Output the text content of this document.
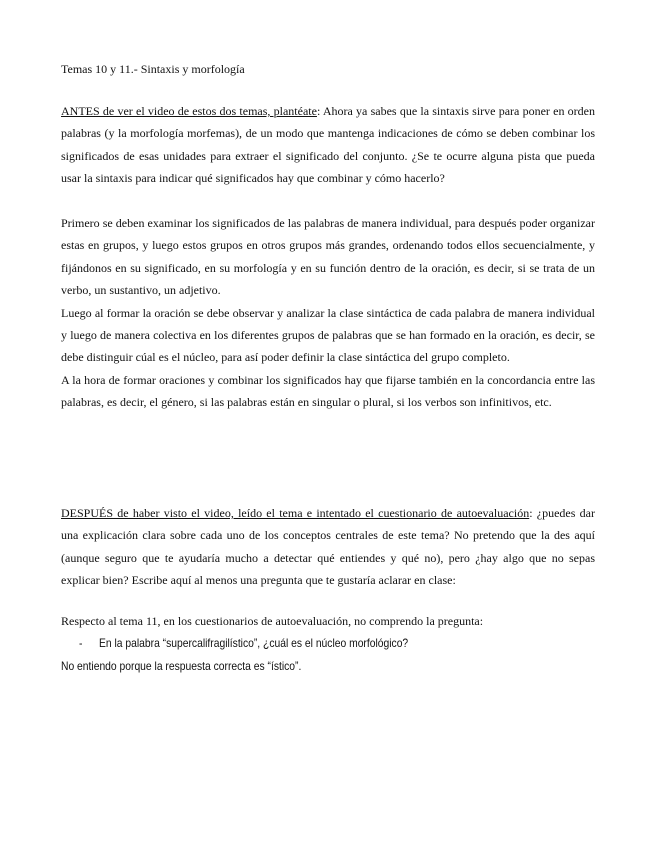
Temas 10 y 11.- Sintaxis y morfología

ANTES de ver el video de estos dos temas, plantéate: Ahora ya sabes que la sintaxis sirve para poner en orden palabras (y la morfología morfemas), de un modo que mantenga indicaciones de cómo se deben combinar los significados de esas unidades para extraer el significado del conjunto. ¿Se te ocurre alguna pista que pueda usar la sintaxis para indicar qué significados hay que combinar y cómo hacerlo?

Primero se deben examinar los significados de las palabras de manera individual, para después poder organizar estas en grupos, y luego estos grupos en otros grupos más grandes, ordenando todos ellos secuencialmente, y fijándonos en su significado, en su morfología y en su función dentro de la oración, es decir, si se trata de un verbo, un sustantivo, un adjetivo.

Luego al formar la oración se debe observar y analizar la clase sintáctica de cada palabra de manera individual y luego de manera colectiva en los diferentes grupos de palabras que se han formado en la oración, es decir, se debe distinguir cúal es el núcleo, para así poder definir la clase sintáctica del grupo completo.

A la hora de formar oraciones y combinar los significados hay que fijarse también en la concordancia entre las palabras, es decir, el género, si las palabras están en singular o plural, si los verbos son infinitivos, etc.

DESPUÉS de haber visto el video, leído el tema e intentado el cuestionario de autoevaluación: ¿puedes dar una explicación clara sobre cada uno de los conceptos centrales de este tema? No pretendo que la des aquí (aunque seguro que te ayudaría mucho a detectar qué entiendes y qué no), pero ¿hay algo que no sepas explicar bien? Escribe aquí al menos una pregunta que te gustaría aclarar en clase:

Respecto al tema 11, en los cuestionarios de autoevaluación, no comprendo la pregunta:
- En la palabra “supercalifragilístico”, ¿cuál es el núcleo morfológico?
No entiendo porque la respuesta correcta es “ístico”.
